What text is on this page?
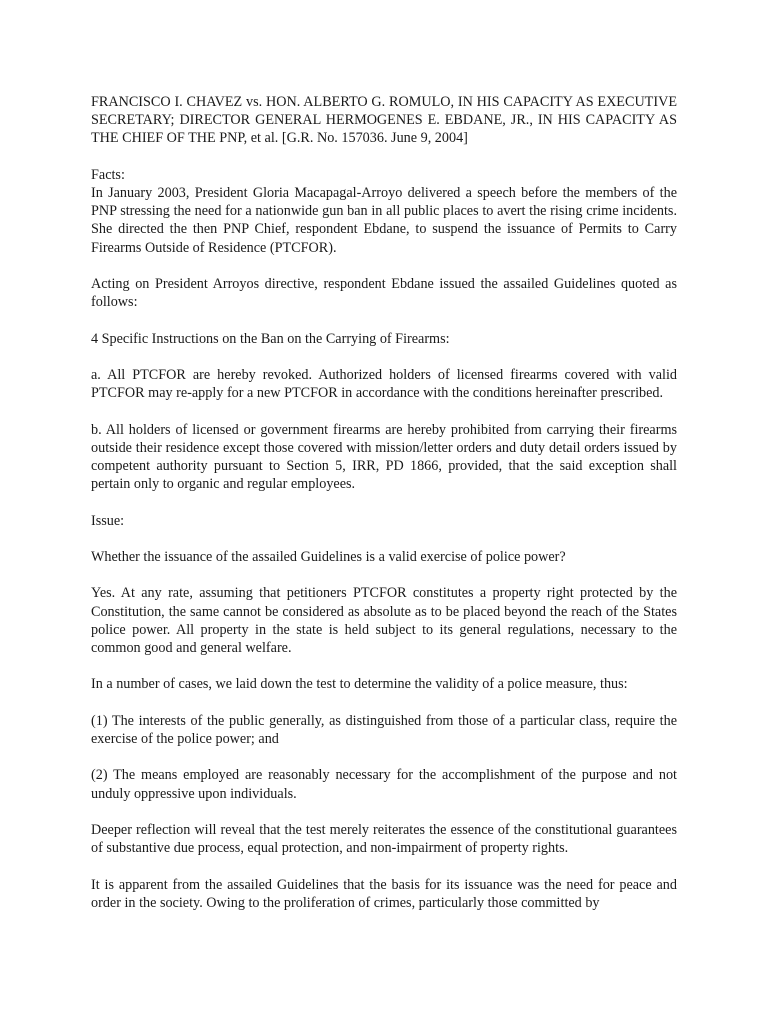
FRANCISCO I. CHAVEZ vs. HON. ALBERTO G. ROMULO, IN HIS CAPACITY AS EXECUTIVE SECRETARY; DIRECTOR GENERAL HERMOGENES E. EBDANE, JR., IN HIS CAPACITY AS THE CHIEF OF THE PNP, et al. [G.R. No. 157036. June 9, 2004]

Facts:

In January 2003, President Gloria Macapagal-Arroyo delivered a speech before the members of the PNP stressing the need for a nationwide gun ban in all public places to avert the rising crime incidents. She directed the then PNP Chief, respondent Ebdane, to suspend the issuance of Permits to Carry Firearms Outside of Residence (PTCFOR).

Acting on President Arroyos directive, respondent Ebdane issued the assailed Guidelines quoted as follows:

4 Specific Instructions on the Ban on the Carrying of Firearms:

a. All PTCFOR are hereby revoked. Authorized holders of licensed firearms covered with valid PTCFOR may re-apply for a new PTCFOR in accordance with the conditions hereinafter prescribed.

b. All holders of licensed or government firearms are hereby prohibited from carrying their firearms outside their residence except those covered with mission/letter orders and duty detail orders issued by competent authority pursuant to Section 5, IRR, PD 1866, provided, that the said exception shall pertain only to organic and regular employees.

Issue:

Whether the issuance of the assailed Guidelines is a valid exercise of police power?

Yes. At any rate, assuming that petitioners PTCFOR constitutes a property right protected by the Constitution, the same cannot be considered as absolute as to be placed beyond the reach of the States police power. All property in the state is held subject to its general regulations, necessary to the common good and general welfare.

In a number of cases, we laid down the test to determine the validity of a police measure, thus:

(1) The interests of the public generally, as distinguished from those of a particular class, require the exercise of the police power; and

(2) The means employed are reasonably necessary for the accomplishment of the purpose and not unduly oppressive upon individuals.

Deeper reflection will reveal that the test merely reiterates the essence of the constitutional guarantees of substantive due process, equal protection, and non-impairment of property rights.

It is apparent from the assailed Guidelines that the basis for its issuance was the need for peace and order in the society. Owing to the proliferation of crimes, particularly those committed by
